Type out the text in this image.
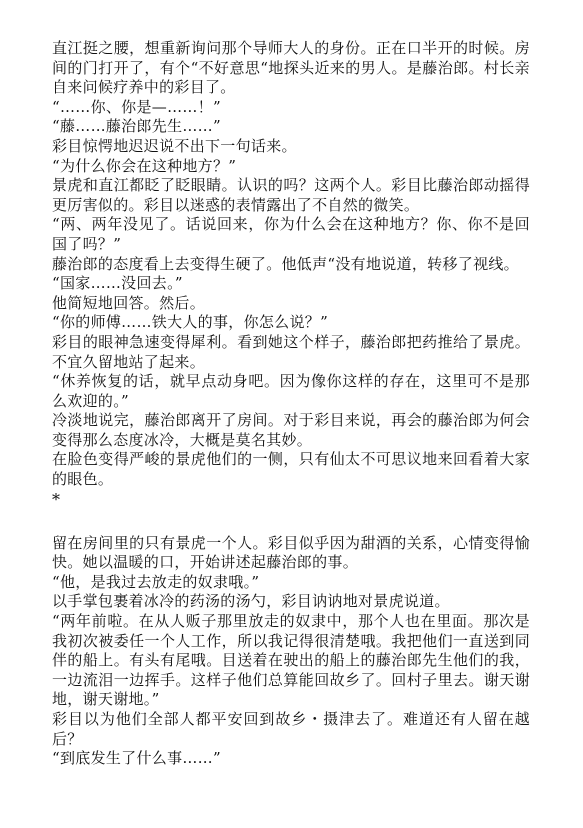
直江挺之腰，想重新询问那个导师大人的身份。正在口半开的时候。房间的门打开了，有个“不好意思“地探头近来的男人。是藤治郎。村长亲自来问候疗养中的彩目了。

“……你、你是—……！”

“藤……藤治郎先生……”

彩目惊愕地迟迟说不出下一句话来。

“为什么你会在这种地方？”

景虎和直江都眨了眨眼睛。认识的吗？这两个人。彩目比藤治郎动摇得更厉害似的。彩目以迷惑的表情露出了不自然的微笑。

“两、两年没见了。话说回来，你为什么会在这种地方？你、你不是回国了吗？”

藤治郎的态度看上去变得生硬了。他低声“没有地说道，转移了视线。

“国家……没回去。”

他简短地回答。然后。

“你的师傅……铁大人的事，你怎么说？”

彩目的眼神急速变得犀利。看到她这个样子，藤治郎把药推给了景虎。不宜久留地站了起来。

“休养恢复的话，就早点动身吧。因为像你这样的存在，这里可不是那么欢迎的。”

冷淡地说完，藤治郎离开了房间。对于彩目来说，再会的藤治郎为何会变得那么态度冰冷，大概是莫名其妙。

在脸色变得严峻的景虎他们的一侧，只有仙太不可思议地来回看着大家的眼色。

*

留在房间里的只有景虎一个人。彩目似乎因为甜酒的关系，心情变得愉快。她以温暖的口，开始讲述起藤治郎的事。

“他，是我过去放走的奴隶哦。”

以手掌包裹着冰冷的药汤的汤勺，彩目讷讷地对景虎说道。

“两年前啦。在从人贩子那里放走的奴隶中，那个人也在里面。那次是我初次被委任一个人工作，所以我记得很清楚哦。我把他们一直送到同伴的船上。有头有尾哦。目送着在驶出的船上的藤治郎先生他们的我，一边流泪一边挥手。这样子他们总算能回故乡了。回村子里去。谢天谢地，谢天谢地。”

彩目以为他们全部人都平安回到故乡・摄津去了。难道还有人留在越后？

“到底发生了什么事……”
